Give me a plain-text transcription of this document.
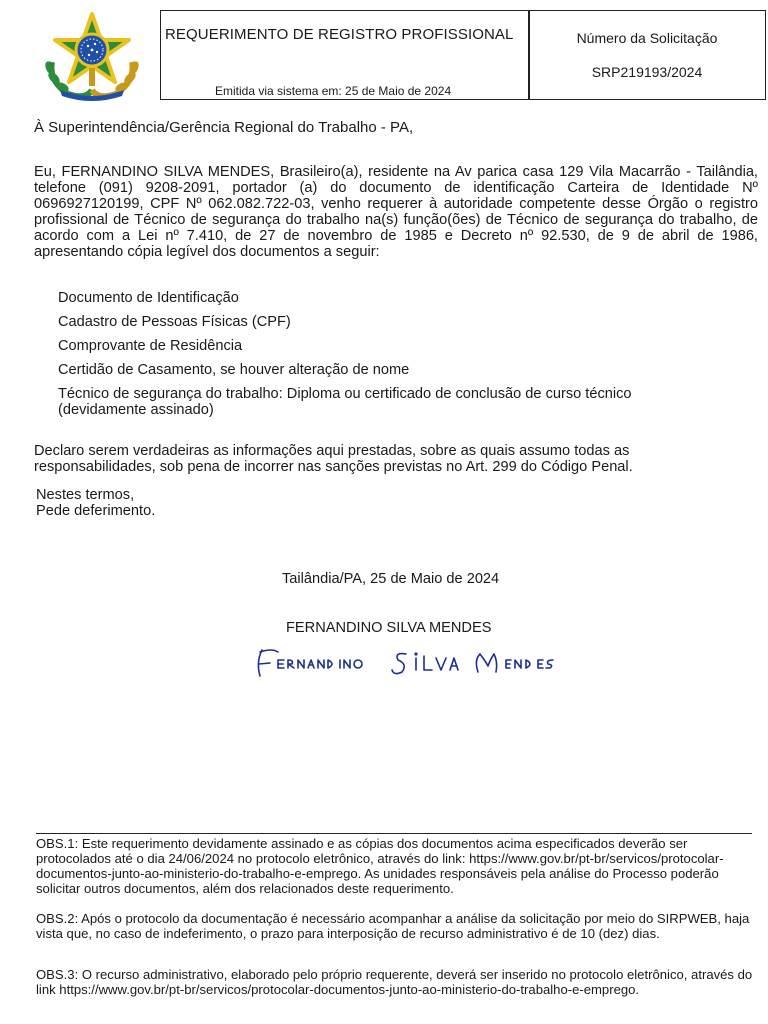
REQUERIMENTO DE REGISTRO PROFISSIONAL
Emitida via sistema em: 25 de Maio de 2024
Número da Solicitação
SRP219193/2024
À Superintendência/Gerência Regional do Trabalho - PA,
Eu, FERNANDINO SILVA MENDES, Brasileiro(a), residente na Av parica casa 129 Vila Macarrão - Tailândia, telefone (091) 9208-2091, portador (a) do documento de identificação Carteira de Identidade Nº 0696927120199, CPF Nº 062.082.722-03, venho requerer à autoridade competente desse Órgão o registro profissional de Técnico de segurança do trabalho na(s) função(ões) de Técnico de segurança do trabalho, de acordo com a Lei nº 7.410, de 27 de novembro de 1985 e Decreto nº 92.530, de 9 de abril de 1986, apresentando cópia legível dos documentos a seguir:
Documento de Identificação
Cadastro de Pessoas Físicas (CPF)
Comprovante de Residência
Certidão de Casamento, se houver alteração de nome
Técnico de segurança do trabalho: Diploma ou certificado de conclusão de curso técnico (devidamente assinado)
Declaro serem verdadeiras as informações aqui prestadas, sobre as quais assumo todas as responsabilidades, sob pena de incorrer nas sanções previstas no Art. 299 do Código Penal.
Nestes termos,
Pede deferimento.
Tailândia/PA, 25 de Maio de 2024
FERNANDINO SILVA MENDES
OBS.1: Este requerimento devidamente assinado e as cópias dos documentos acima especificados deverão ser protocolados até o dia 24/06/2024 no protocolo eletrônico, através do link: https://www.gov.br/pt-br/servicos/protocolar-documentos-junto-ao-ministerio-do-trabalho-e-emprego. As unidades responsáveis pela análise do Processo poderão solicitar outros documentos, além dos relacionados deste requerimento.
OBS.2: Após o protocolo da documentação é necessário acompanhar a análise da solicitação por meio do SIRPWEB, haja vista que, no caso de indeferimento, o prazo para interposição de recurso administrativo é de 10 (dez) dias.
OBS.3: O recurso administrativo, elaborado pelo próprio requerente, deverá ser inserido no protocolo eletrônico, através do link https://www.gov.br/pt-br/servicos/protocolar-documentos-junto-ao-ministerio-do-trabalho-e-emprego.
